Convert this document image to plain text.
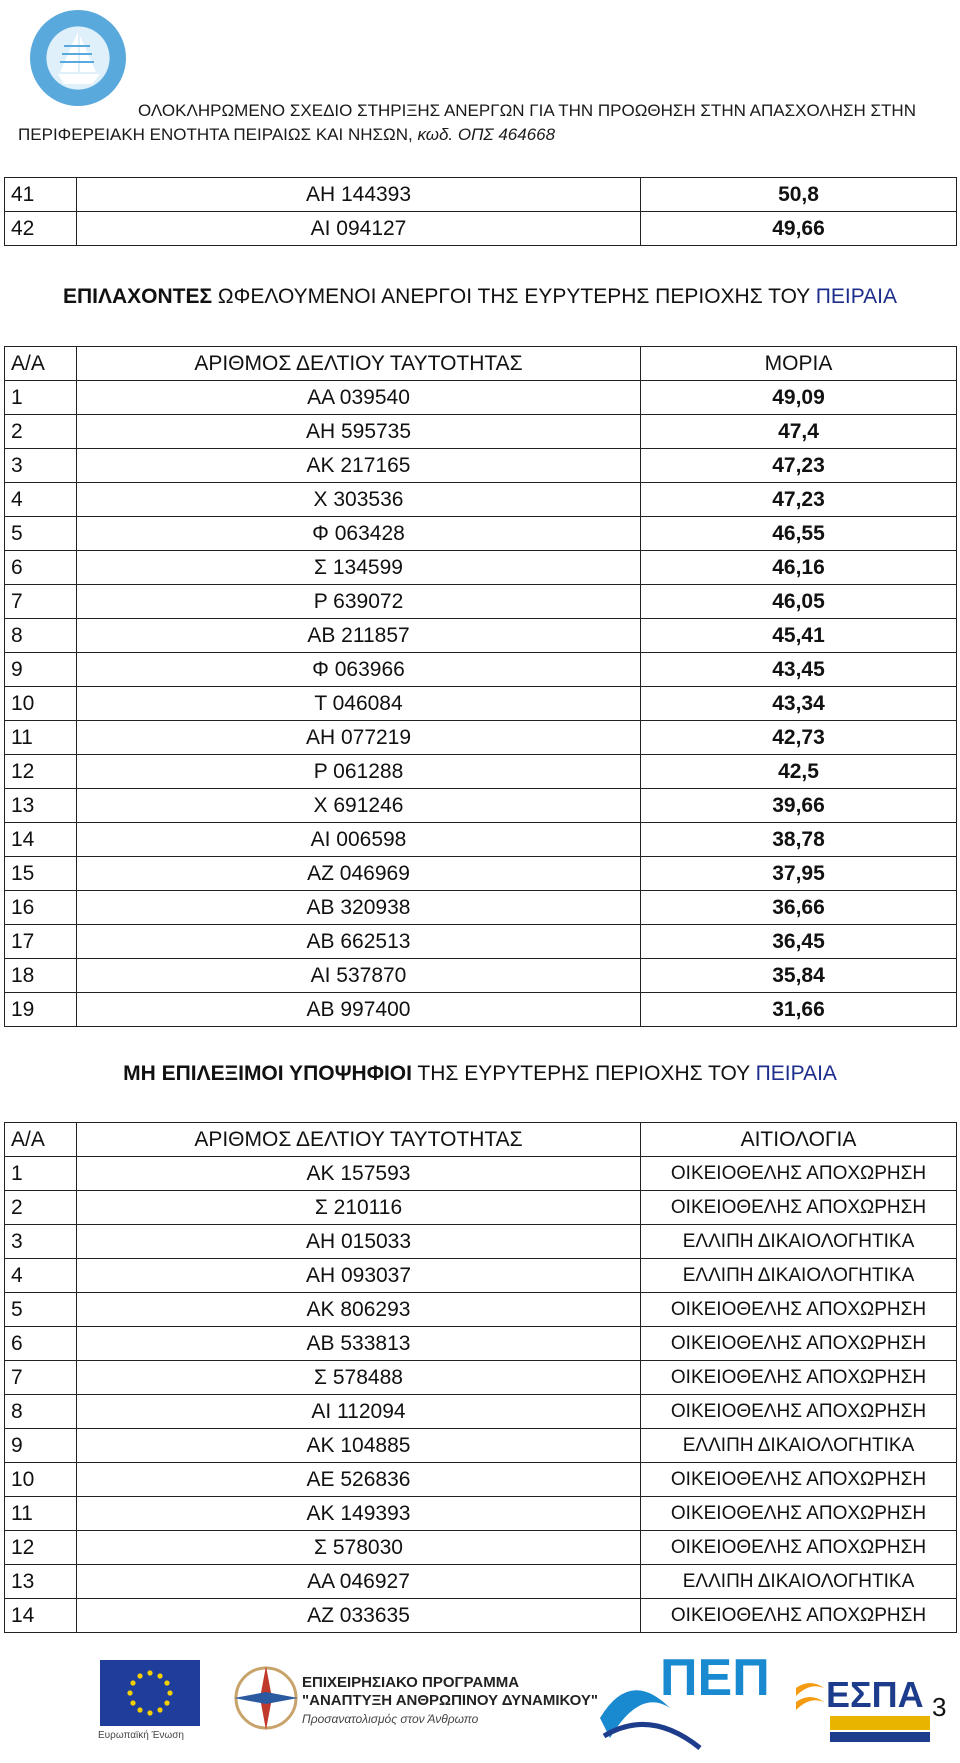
ΟΛΟΚΛΗΡΩΜΕΝΟ ΣΧΕΔΙΟ ΣΤΗΡΙΞΗΣ ΑΝΕΡΓΩΝ ΓΙΑ ΤΗΝ ΠΡΟΩΘΗΣΗ ΣΤΗΝ ΑΠΑΣΧΟΛΗΣΗ ΣΤΗΝ
ΠΕΡΙΦΕΡΕΙΑΚΗ ΕΝΟΤΗΤΑ ΠΕΙΡΑΙΩΣ ΚΑΙ ΝΗΣΩΝ, κωδ. ΟΠΣ 464668
41	ΑΗ 144393	50,8
42	ΑΙ 094127	49,66
ΕΠΙΛΑΧΟΝΤΕΣ ΩΦΕΛΟΥΜΕΝΟΙ ΑΝΕΡΓΟΙ ΤΗΣ ΕΥΡΥΤΕΡΗΣ ΠΕΡΙΟΧΗΣ ΤΟΥ ΠΕΙΡΑΙΑ
Α/Α	ΑΡΙΘΜΟΣ ΔΕΛΤΙΟΥ ΤΑΥΤΟΤΗΤΑΣ	ΜΟΡΙΑ
1	ΑΑ 039540	49,09
2	ΑΗ 595735	47,4
3	ΑΚ 217165	47,23
4	Χ 303536	47,23
5	Φ 063428	46,55
6	Σ 134599	46,16
7	Ρ 639072	46,05
8	ΑΒ 211857	45,41
9	Φ 063966	43,45
10	Τ 046084	43,34
11	ΑΗ 077219	42,73
12	Ρ 061288	42,5
13	Χ 691246	39,66
14	ΑΙ 006598	38,78
15	ΑΖ 046969	37,95
16	ΑΒ 320938	36,66
17	ΑΒ 662513	36,45
18	ΑΙ 537870	35,84
19	ΑΒ 997400	31,66
ΜΗ ΕΠΙΛΕΞΙΜΟΙ ΥΠΟΨΗΦΙΟΙ ΤΗΣ ΕΥΡΥΤΕΡΗΣ ΠΕΡΙΟΧΗΣ ΤΟΥ ΠΕΙΡΑΙΑ
Α/Α	ΑΡΙΘΜΟΣ ΔΕΛΤΙΟΥ ΤΑΥΤΟΤΗΤΑΣ	ΑΙΤΙΟΛΟΓΙΑ
1	ΑΚ 157593	ΟΙΚΕΙΟΘΕΛΗΣ ΑΠΟΧΩΡΗΣΗ
2	Σ 210116	ΟΙΚΕΙΟΘΕΛΗΣ ΑΠΟΧΩΡΗΣΗ
3	ΑΗ 015033	ΕΛΛΙΠΗ ΔΙΚΑΙΟΛΟΓΗΤΙΚΑ
4	ΑΗ 093037	ΕΛΛΙΠΗ ΔΙΚΑΙΟΛΟΓΗΤΙΚΑ
5	ΑΚ 806293	ΟΙΚΕΙΟΘΕΛΗΣ ΑΠΟΧΩΡΗΣΗ
6	ΑΒ 533813	ΟΙΚΕΙΟΘΕΛΗΣ ΑΠΟΧΩΡΗΣΗ
7	Σ 578488	ΟΙΚΕΙΟΘΕΛΗΣ ΑΠΟΧΩΡΗΣΗ
8	ΑΙ 112094	ΟΙΚΕΙΟΘΕΛΗΣ ΑΠΟΧΩΡΗΣΗ
9	ΑΚ 104885	ΕΛΛΙΠΗ ΔΙΚΑΙΟΛΟΓΗΤΙΚΑ
10	ΑΕ 526836	ΟΙΚΕΙΟΘΕΛΗΣ ΑΠΟΧΩΡΗΣΗ
11	ΑΚ 149393	ΟΙΚΕΙΟΘΕΛΗΣ ΑΠΟΧΩΡΗΣΗ
12	Σ 578030	ΟΙΚΕΙΟΘΕΛΗΣ ΑΠΟΧΩΡΗΣΗ
13	ΑΑ 046927	ΕΛΛΙΠΗ ΔΙΚΑΙΟΛΟΓΗΤΙΚΑ
14	ΑΖ 033635	ΟΙΚΕΙΟΘΕΛΗΣ ΑΠΟΧΩΡΗΣΗ
Ευρωπαϊκή Ένωση
ΕΠΙΧΕΙΡΗΣΙΑΚΟ ΠΡΟΓΡΑΜΜΑ
"ΑΝΑΠΤΥΞΗ ΑΝΘΡΩΠΙΝΟΥ ΔΥΝΑΜΙΚΟΥ"
Προσανατολισμός στον Άνθρωπο
ΠΕΠ ΕΣΠΑ 3
